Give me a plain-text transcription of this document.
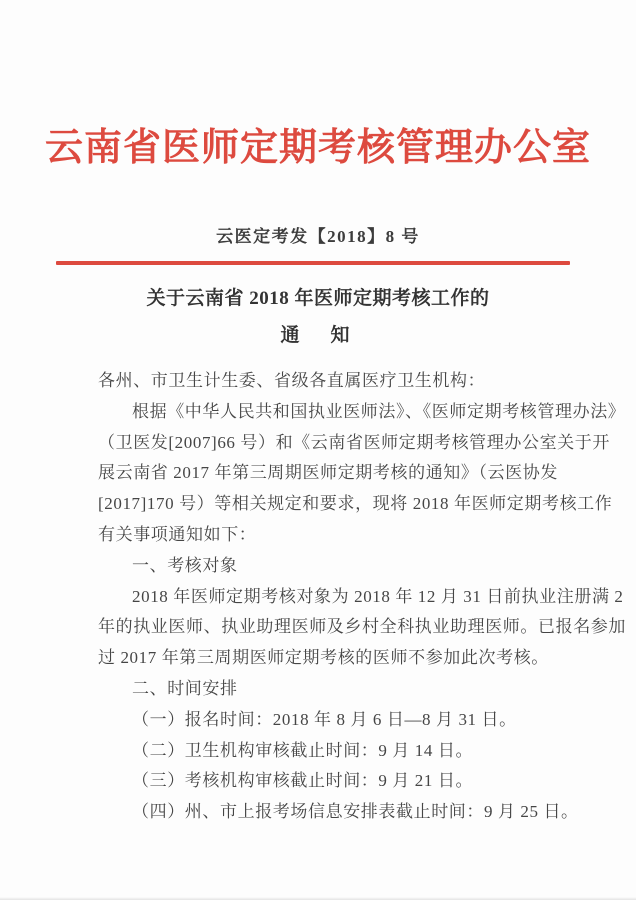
云南省医师定期考核管理办公室
云医定考发【2018】8 号
关于云南省 2018 年医师定期考核工作的
通　知
各州、市卫生计生委、省级各直属医疗卫生机构：
根据《中华人民共和国执业医师法》、《医师定期考核管理办法》
（卫医发[2007]66 号）和《云南省医师定期考核管理办公室关于开
展云南省 2017 年第三周期医师定期考核的通知》（云医协发
[2017]170 号）等相关规定和要求，现将 2018 年医师定期考核工作
有关事项通知如下：
一、考核对象
2018 年医师定期考核对象为 2018 年 12 月 31 日前执业注册满 2
年的执业医师、执业助理医师及乡村全科执业助理医师。已报名参加
过 2017 年第三周期医师定期考核的医师不参加此次考核。
二、时间安排
（一）报名时间：2018 年 8 月 6 日—8 月 31 日。
（二）卫生机构审核截止时间：9 月 14 日。
（三）考核机构审核截止时间：9 月 21 日。
（四）州、市上报考场信息安排表截止时间：9 月 25 日。
